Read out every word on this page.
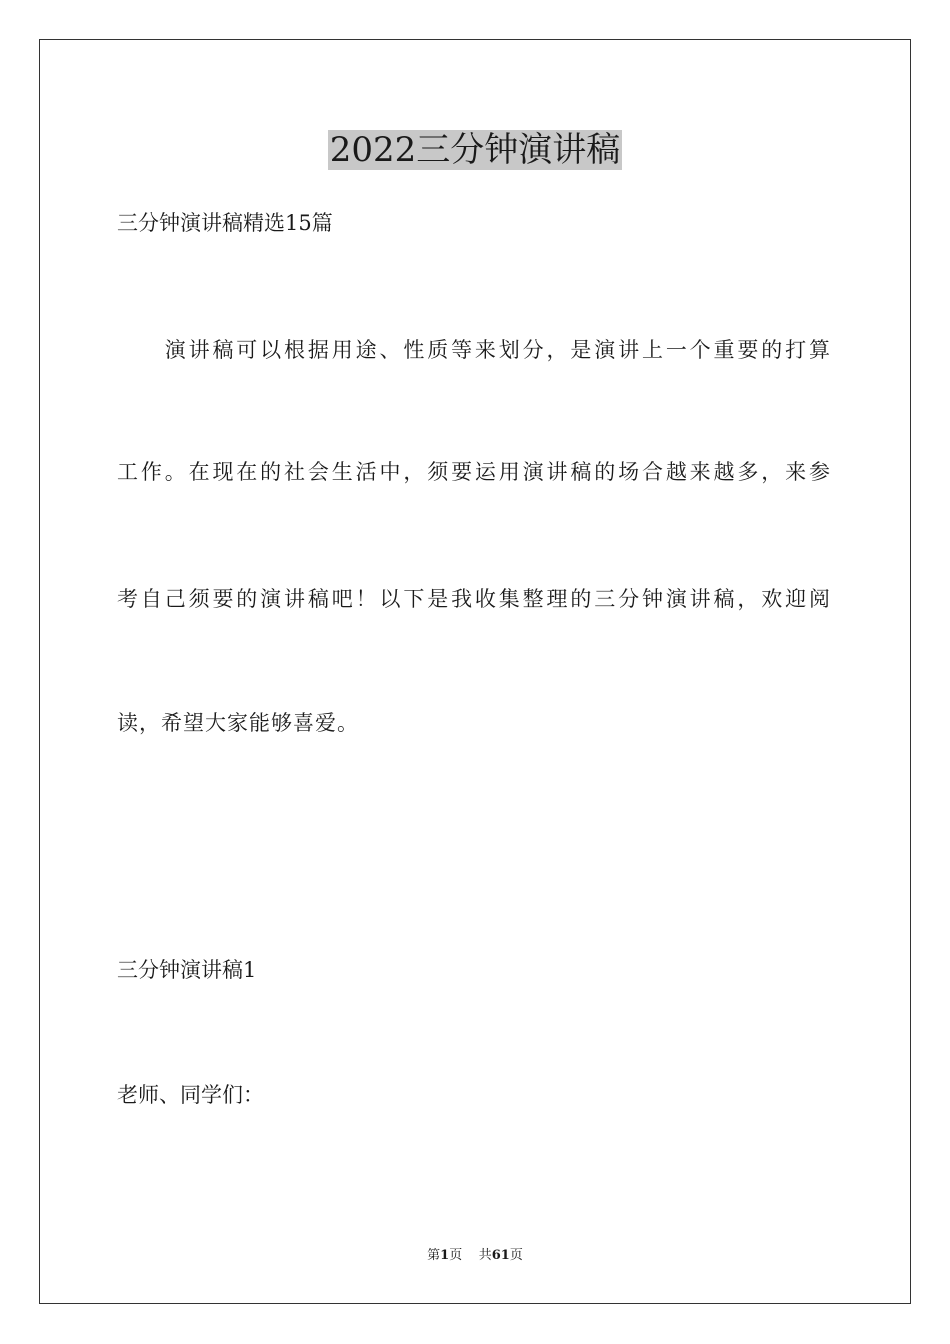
2022三分钟演讲稿
三分钟演讲稿精选15篇
　　演讲稿可以根据用途、性质等来划分，是演讲上一个重要的打算
工作。在现在的社会生活中，须要运用演讲稿的场合越来越多，来参
考自己须要的演讲稿吧！以下是我收集整理的三分钟演讲稿，欢迎阅
读，希望大家能够喜爱。
三分钟演讲稿1
老师、同学们：
第1页 共61页
